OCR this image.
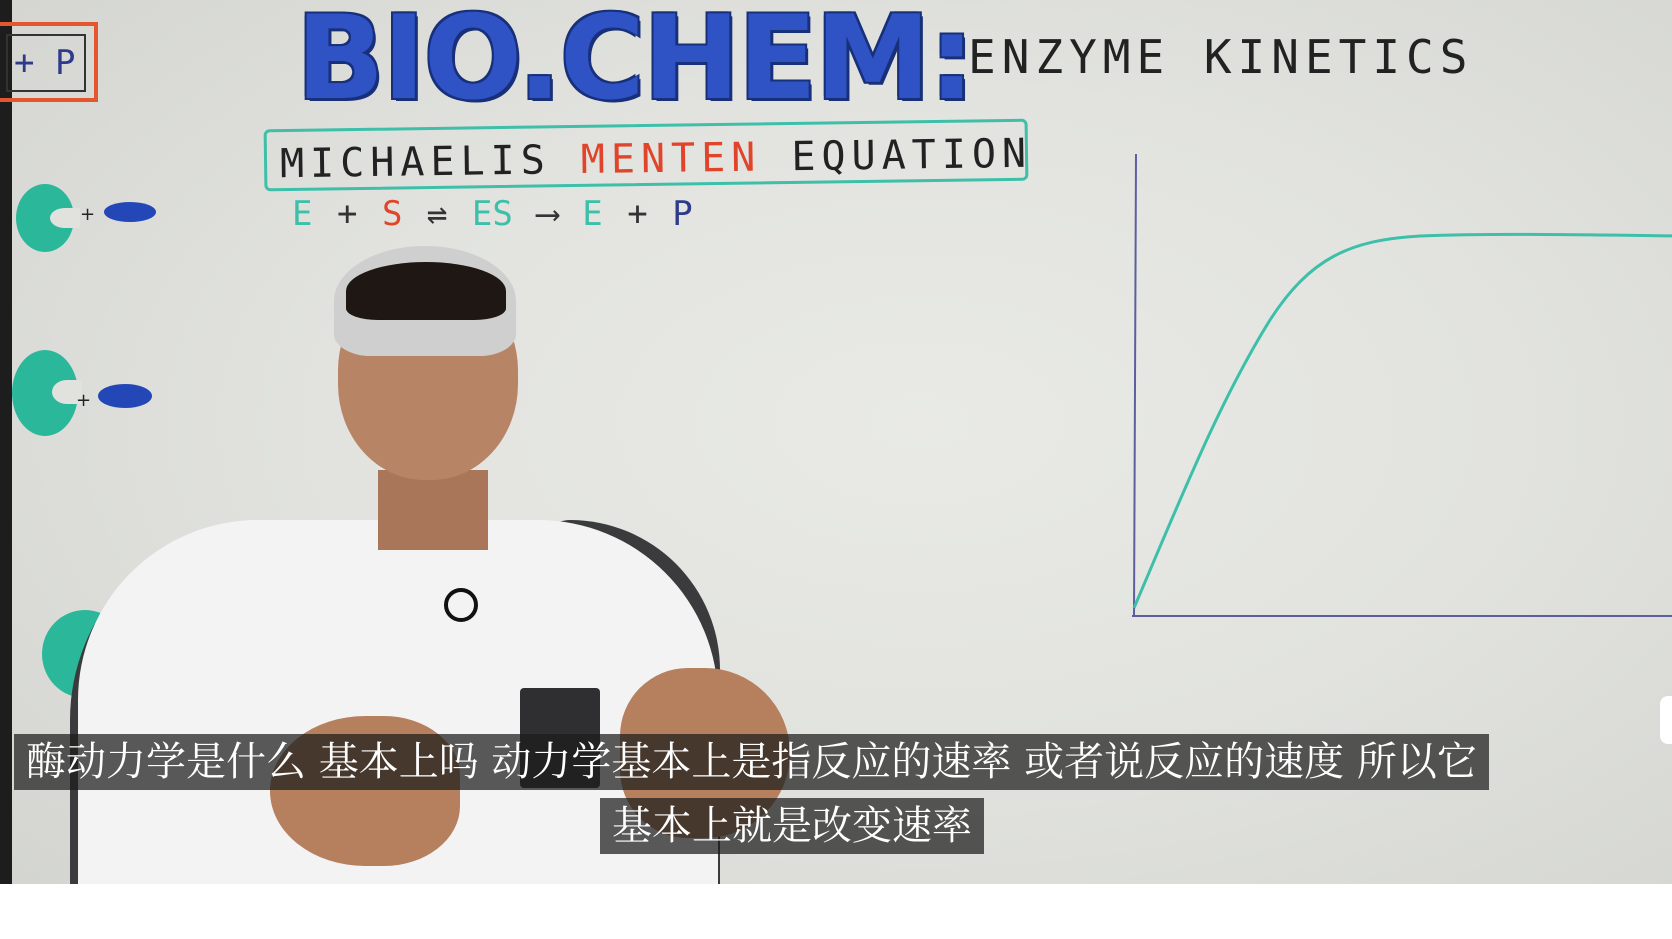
+ P BIO.CHEM:
ENZYME KINETICS
MICHAELIS MENTEN EQUATION
E + S ⇌ ES ⟶ E + P
+
+
酶动力学是什么 基本上吗 动力学基本上是指反应的速率 或者说反应的速度 所以它
基本上就是改变速率
